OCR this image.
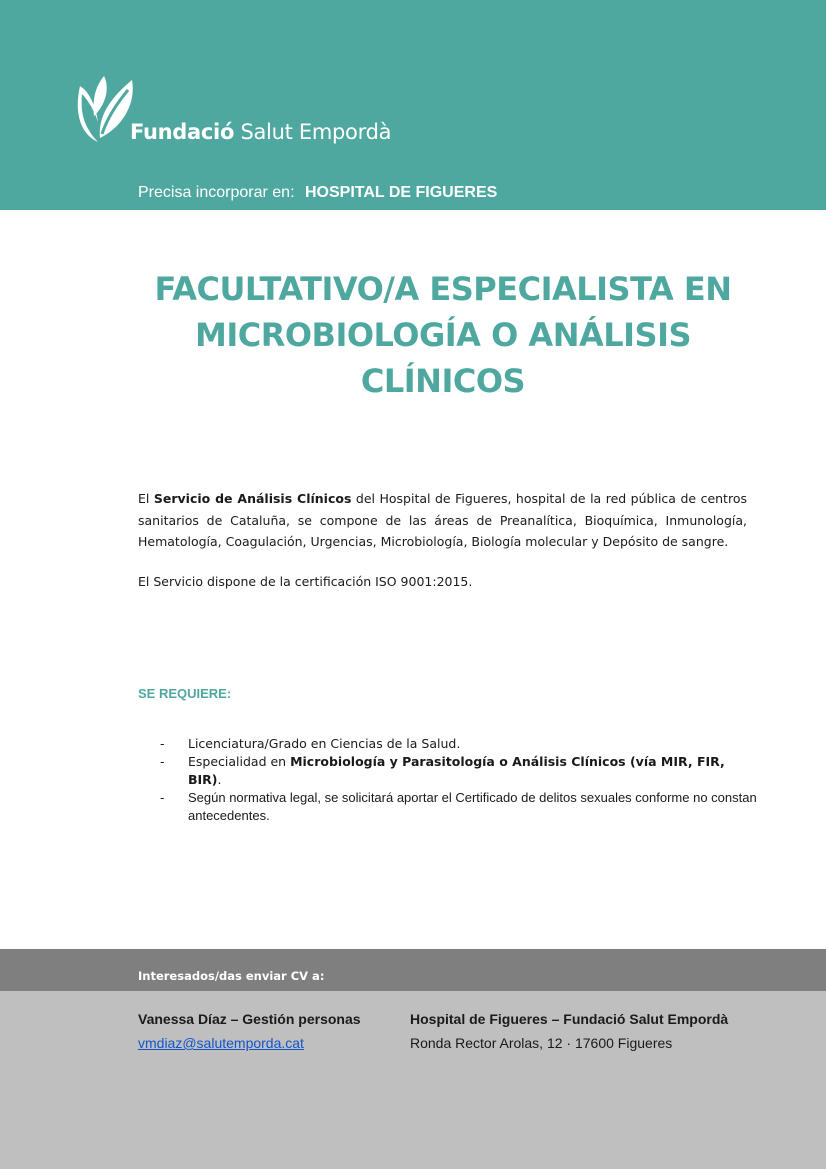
Fundació Salut Empordà
Precisa incorporar en: HOSPITAL DE FIGUERES
FACULTATIVO/A ESPECIALISTA EN
MICROBIOLOGÍA O ANÁLISIS
CLÍNICOS
El Servicio de Análisis Clínicos del Hospital de Figueres, hospital de la red pública de centros sanitarios de Cataluña, se compone de las áreas de Preanalítica, Bioquímica, Inmunología, Hematología, Coagulación, Urgencias, Microbiología, Biología molecular y Depósito de sangre.
El Servicio dispone de la certificación ISO 9001:2015.
SE REQUIERE:
- Licenciatura/Grado en Ciencias de la Salud.
- Especialidad en Microbiología y Parasitología o Análisis Clínicos (vía MIR, FIR, BIR).
- Según normativa legal, se solicitará aportar el Certificado de delitos sexuales conforme no constan antecedentes.
Interesados/das enviar CV a:
Vanessa Díaz – Gestión personas
vmdiaz@salutemporda.cat
Hospital de Figueres – Fundació Salut Empordà
Ronda Rector Arolas, 12 · 17600 Figueres
